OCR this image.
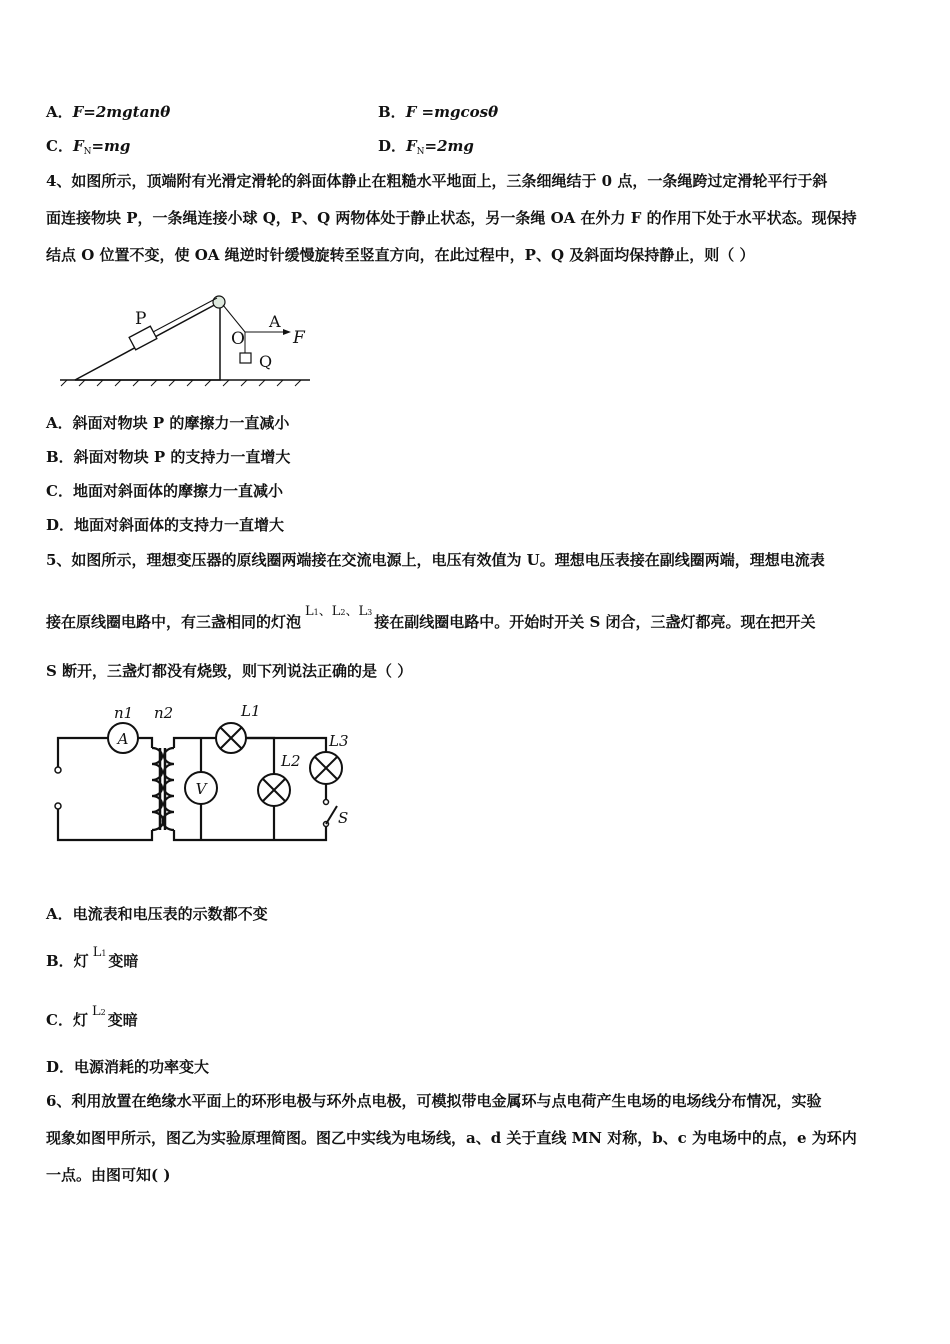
A．F=2mgtanθ	B．F =mgcosθ
C．$F_N=mg$	D．$F_N=2mg$
4、如图所示，顶端附有光滑定滑轮的斜面体静止在粗糙水平地面上，三条细绳结于 0 点，一条绳跨过定滑轮平行于斜
面连接物块 P，一条绳连接小球 Q，P、Q 两物体处于静止状态，另一条绳 OA 在外力 F 的作用下处于水平状态。现保持
结点 O 位置不变，使 OA 绳逆时针缓慢旋转至竖直方向，在此过程中，P、Q 及斜面均保持静止，则（ ）
P
O
A
F
Q
A．斜面对物块 P 的摩擦力一直减小
B．斜面对物块 P 的支持力一直增大
C．地面对斜面体的摩擦力一直减小
D．地面对斜面体的支持力一直增大
5、如图所示，理想变压器的原线圈两端接在交流电源上，电压有效值为 U。理想电压表接在副线圈两端，理想电流表
接在原线圈电路中，有三盏相同的灯泡L1、L2、L3接在副线圈电路中。开始时开关 S 闭合，三盏灯都亮。现在把开关
S 断开，三盏灯都没有烧毁，则下列说法正确的是（ ）
A
V
S
n1 n2	L1
L2
L3
A．电流表和电压表的示数都不变
B．灯 L1 变暗
C．灯 L2 变暗
D．电源消耗的功率变大
6、利用放置在绝缘水平面上的环形电极与环外点电极，可模拟带电金属环与点电荷产生电场的电场线分布情况，实验
现象如图甲所示，图乙为实验原理简图。图乙中实线为电场线，a、d 关于直线 MN 对称，b、c 为电场中的点，e 为环内
一点。由图可知( )
